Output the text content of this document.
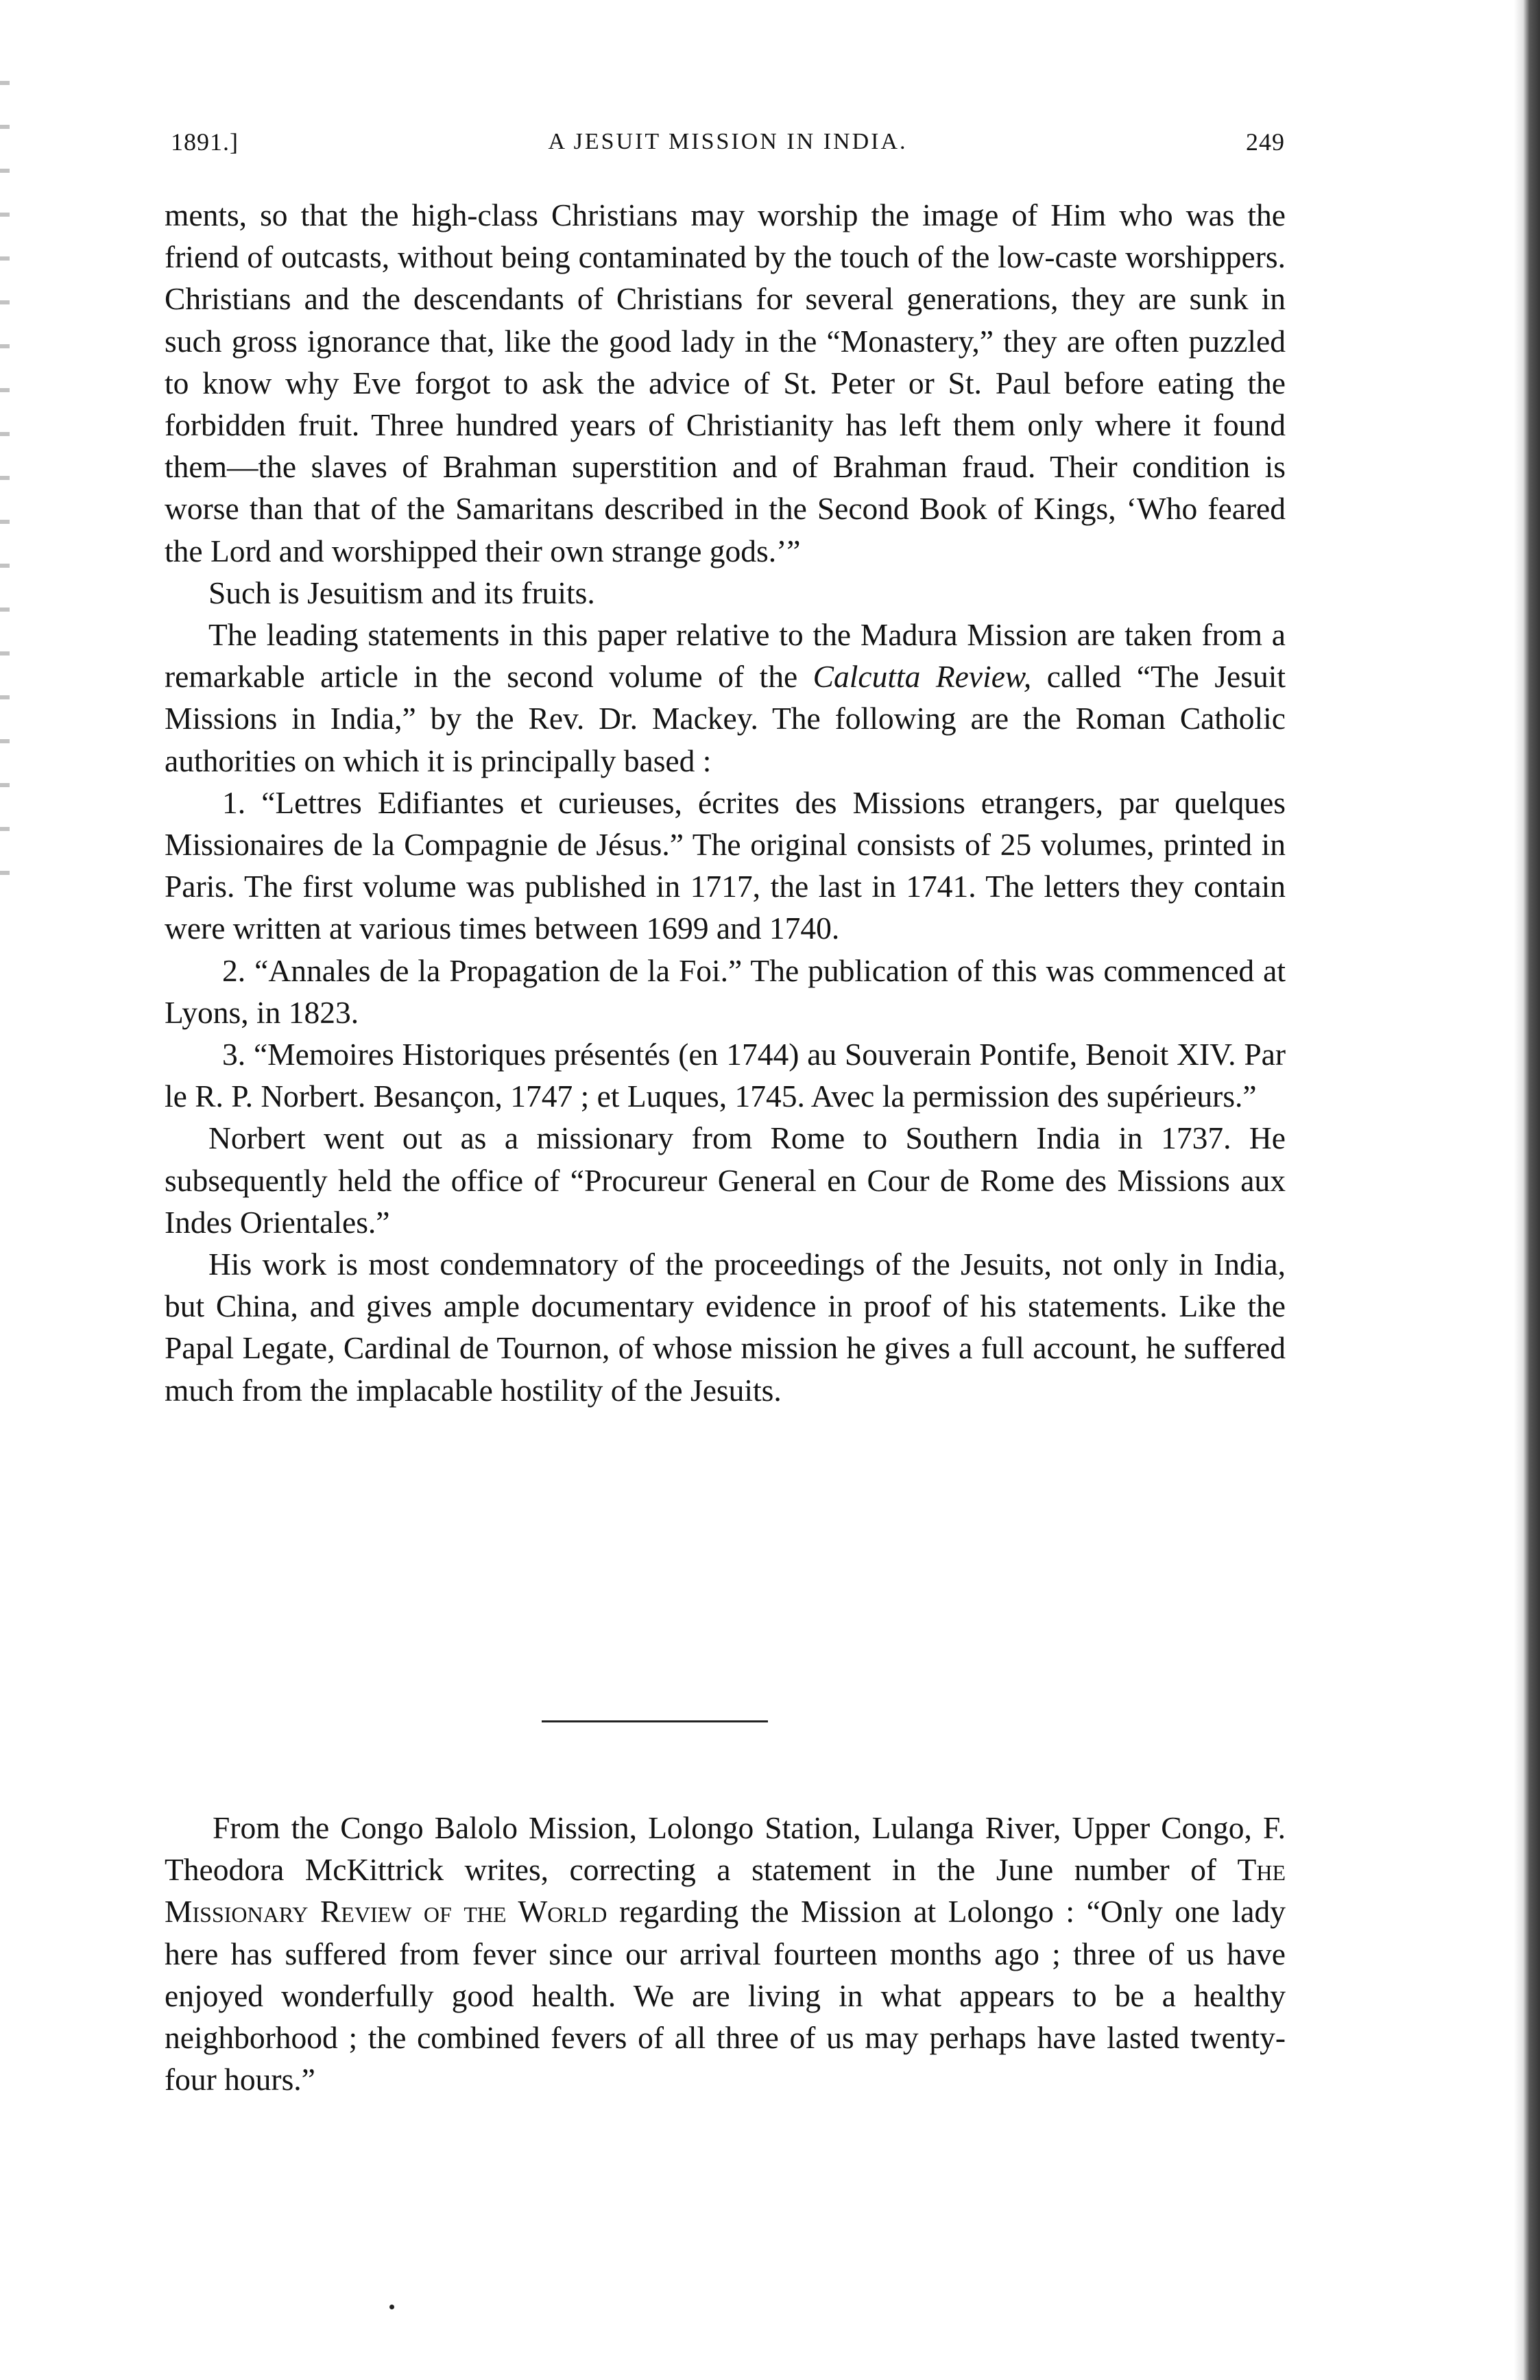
1891.]	A JESUIT MISSION IN INDIA.	249

ments, so that the high-class Christians may worship the image of Him who was the friend of outcasts, without being contaminated by the touch of the low-caste worshippers. Christians and the descendants of Christians for several generations, they are sunk in such gross ignorance that, like the good lady in the “Monastery,” they are often puzzled to know why Eve forgot to ask the advice of St. Peter or St. Paul before eating the forbidden fruit. Three hundred years of Christianity has left them only where it found them—the slaves of Brahman superstition and of Brahman fraud. Their condition is worse than that of the Samaritans described in the Second Book of Kings, ‘Who feared the Lord and worshipped their own strange gods.’”

Such is Jesuitism and its fruits.

The leading statements in this paper relative to the Madura Mission are taken from a remarkable article in the second volume of the Calcutta Review, called “The Jesuit Missions in India,” by the Rev. Dr. Mackey. The following are the Roman Catholic authorities on which it is principally based :

1. “Lettres Edifiantes et curieuses, écrites des Missions etrangers, par quelques Missionaires de la Compagnie de Jésus.” The original consists of 25 volumes, printed in Paris. The first volume was published in 1717, the last in 1741. The letters they contain were written at various times between 1699 and 1740.

2. “Annales de la Propagation de la Foi.” The publication of this was commenced at Lyons, in 1823.

3. “Memoires Historiques présentés (en 1744) au Souverain Pontife, Benoit XIV. Par le R. P. Norbert. Besançon, 1747 ; et Luques, 1745. Avec la permission des supérieurs.”

Norbert went out as a missionary from Rome to Southern India in 1737. He subsequently held the office of “Procureur General en Cour de Rome des Missions aux Indes Orientales.”

His work is most condemnatory of the proceedings of the Jesuits, not only in India, but China, and gives ample documentary evidence in proof of his statements. Like the Papal Legate, Cardinal de Tournon, of whose mission he gives a full account, he suffered much from the implacable hostility of the Jesuits.

From the Congo Balolo Mission, Lolongo Station, Lulanga River, Upper Congo, F. Theodora McKittrick writes, correcting a statement in the June number of The Missionary Review of the World regarding the Mission at Lolongo : “Only one lady here has suffered from fever since our arrival fourteen months ago ; three of us have enjoyed wonderfully good health. We are living in what appears to be a healthy neighborhood ; the combined fevers of all three of us may perhaps have lasted twenty-four hours.”
